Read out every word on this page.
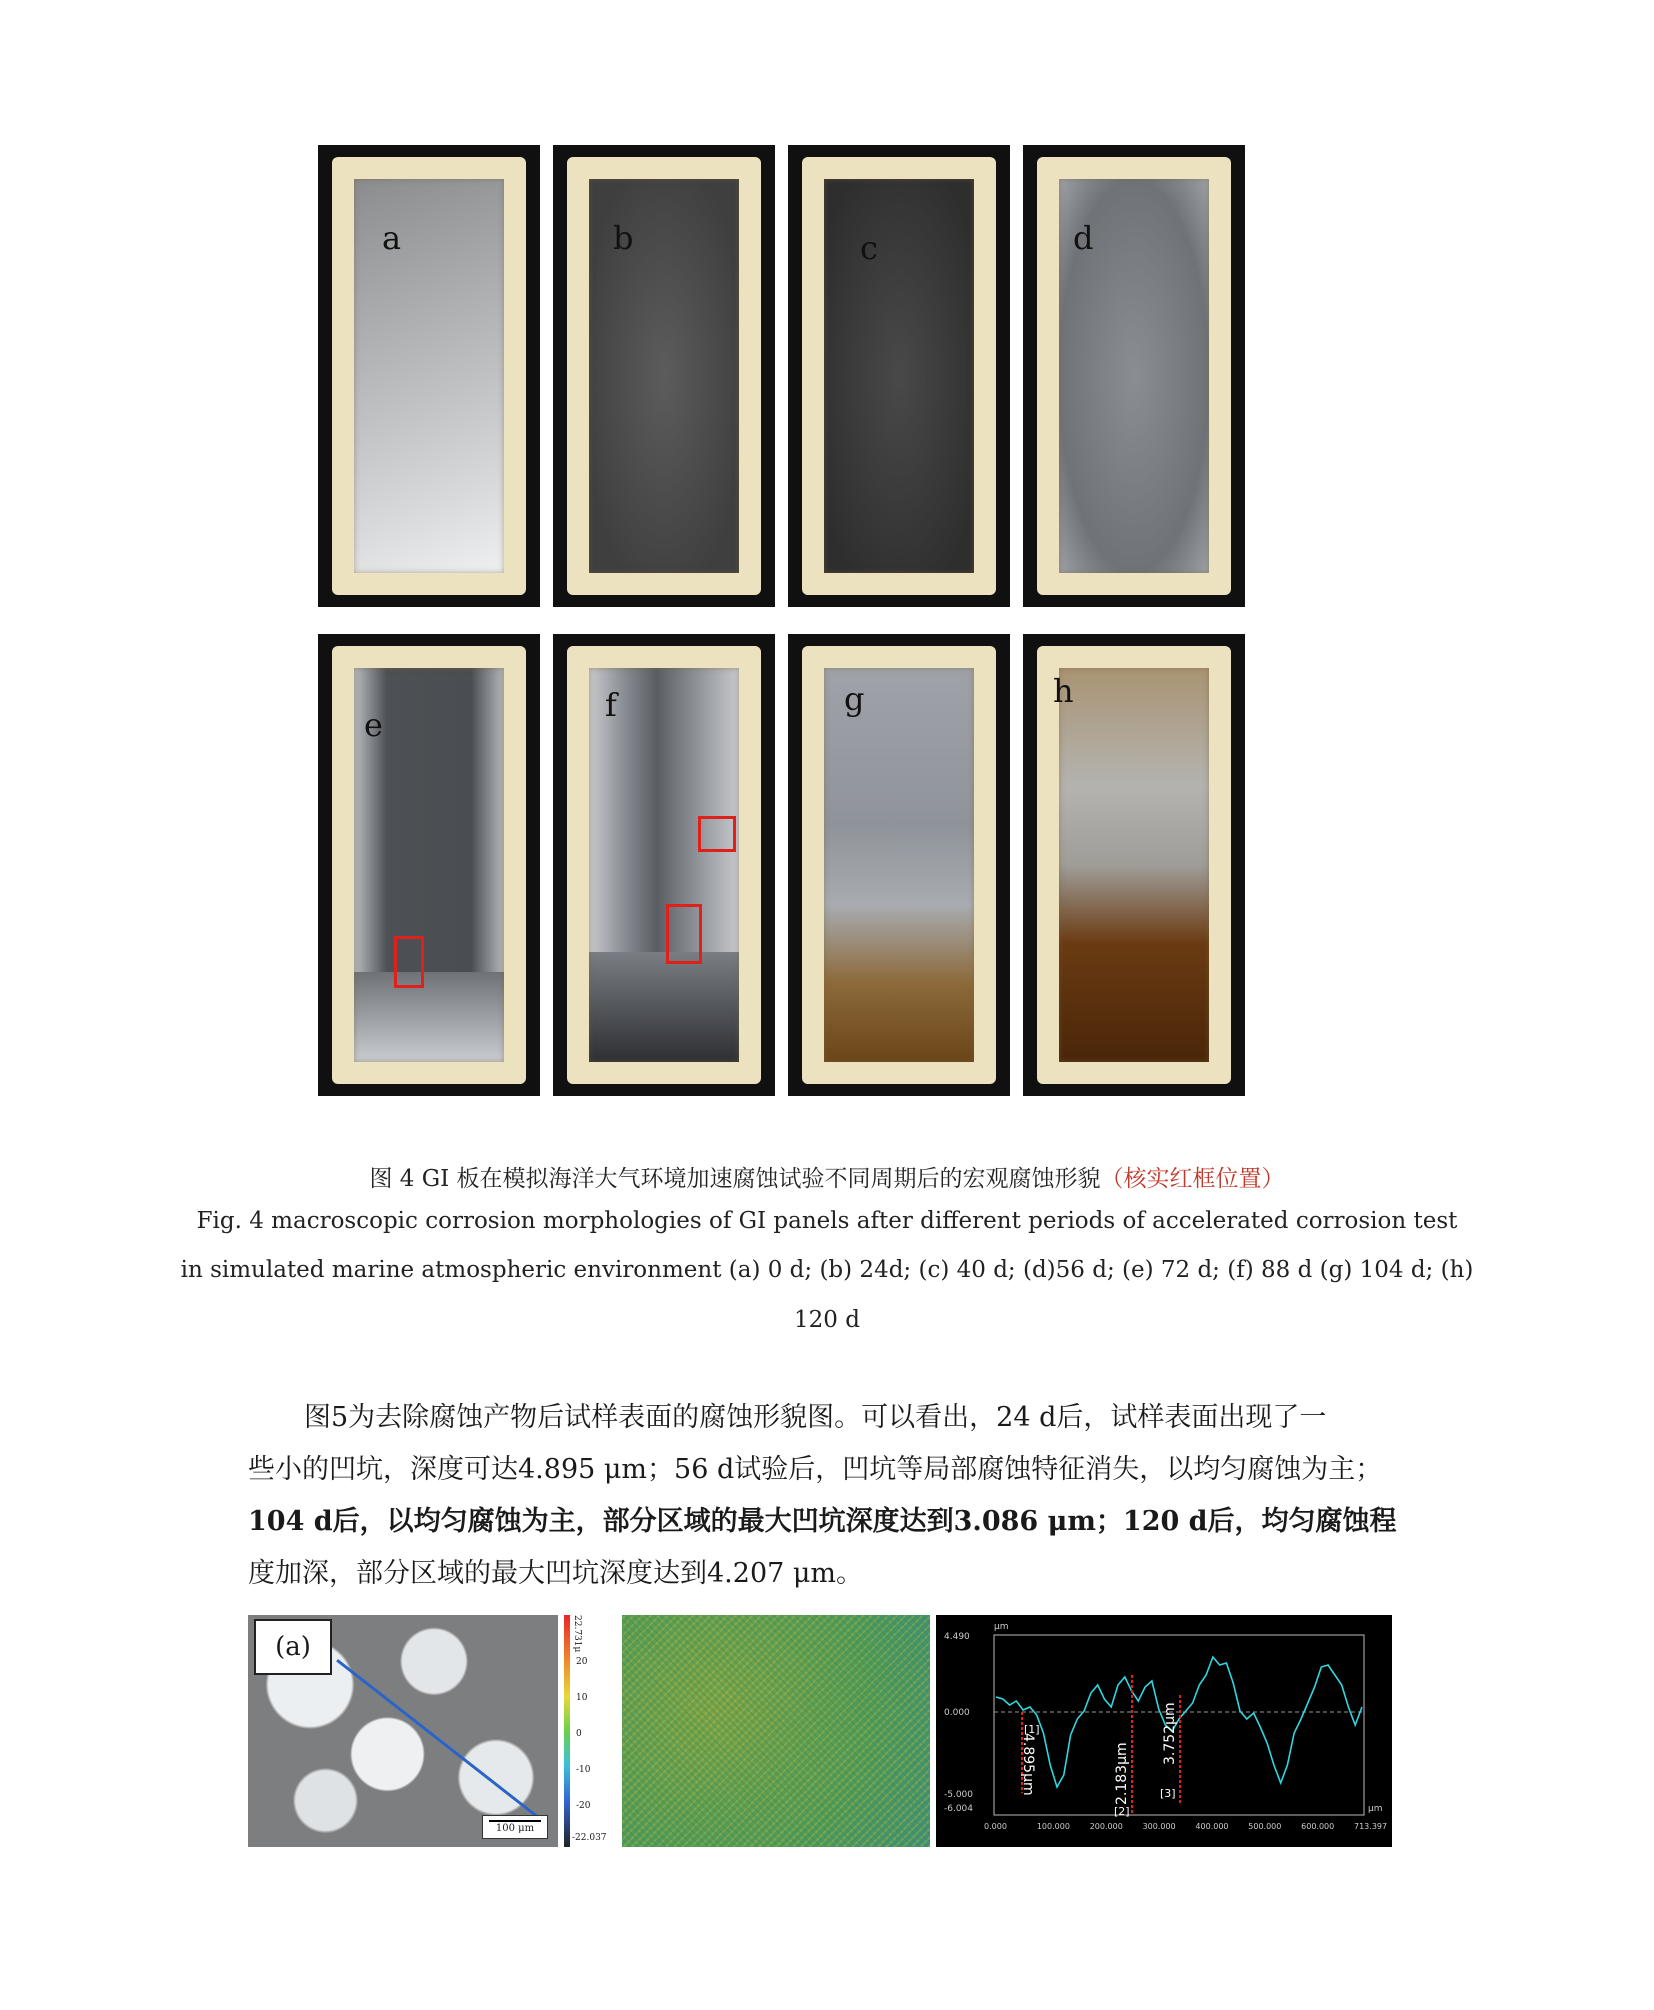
a	b	c	d
e
f	g	h
图 4 GI 板在模拟海洋大气环境加速腐蚀试验不同周期后的宏观腐蚀形貌（核实红框位置）
Fig. 4 macroscopic corrosion morphologies of GI panels after different periods of accelerated corrosion test
in simulated marine atmospheric environment (a) 0 d; (b) 24d; (c) 40 d; (d)56 d; (e) 72 d; (f) 88 d (g) 104 d; (h)
120 d
图5为去除腐蚀产物后试样表面的腐蚀形貌图。可以看出，24 d后，试样表面出现了一
些小的凹坑，深度可达4.895 μm；56 d试验后，凹坑等局部腐蚀特征消失，以均匀腐蚀为主；
104 d后，以均匀腐蚀为主，部分区域的最大凹坑深度达到3.086 μm；120 d后，均匀腐蚀程
度加深，部分区域的最大凹坑深度达到4.207 μm。
(a)
100 μm
22.731μ
20
10
0
-10
-20
-22.037
μm
4.490
0.000
-5.000
-6.004	μm
0.000	100.000 200.000 300.000 400.000 500.000 600.000 713.397
[1]
4.895μm
[2]
2.183μm	[3]
3.752μm
